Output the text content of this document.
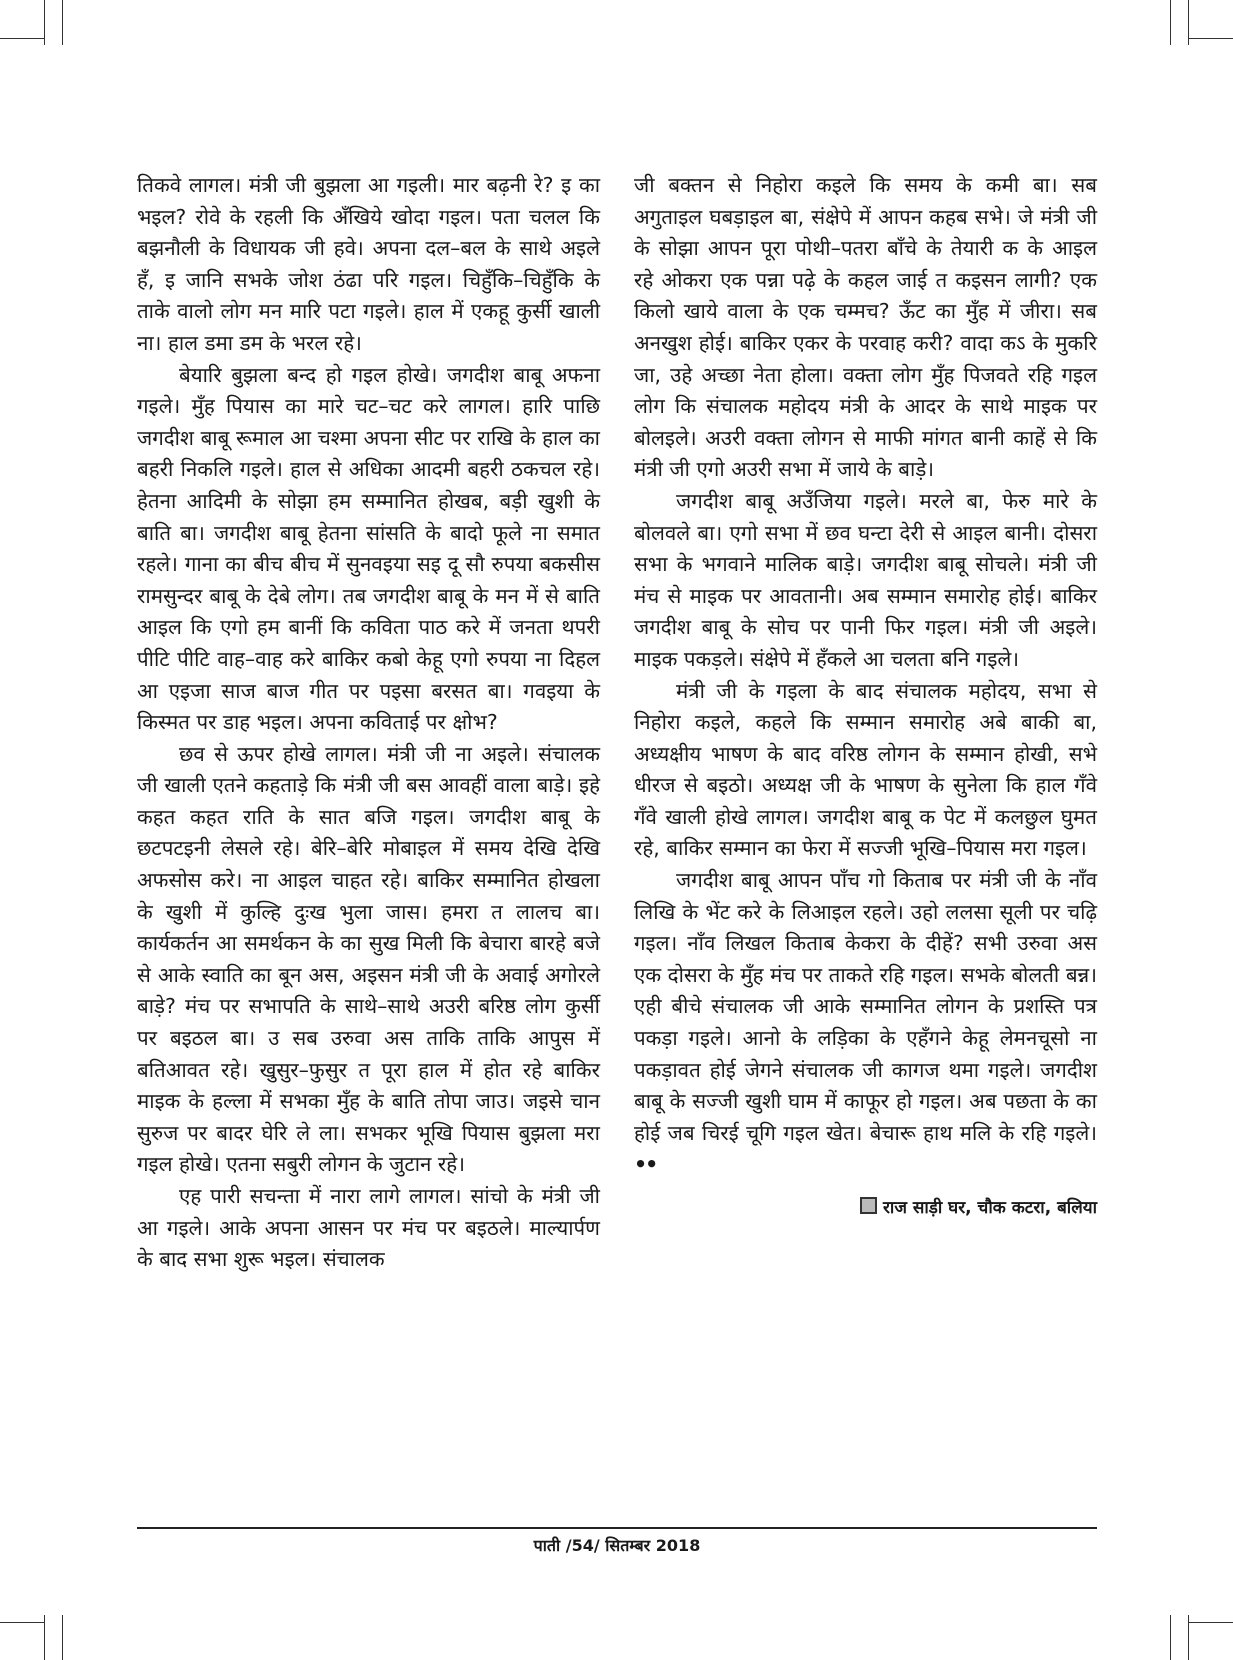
तिकवे लागल। मंत्री जी बुझला आ गइली। मार बढ़नी रे? इ का भइल? रोवे के रहली कि अँखिये खोदा गइल। पता चलल कि बझनौली के विधायक जी हवे। अपना दल–बल के साथे अइले हँ, इ जानि सभके जोश ठंढा परि गइल। चिहुँकि–चिहुँकि के ताके वालो लोग मन मारि पटा गइले। हाल में एकहू कुर्सी खाली ना। हाल डमा डम के भरल रहे।

बेयारि बुझला बन्द हो गइल होखे। जगदीश बाबू अफना गइले। मुँह पियास का मारे चट–चट करे लागल। हारि पाछि जगदीश बाबू रूमाल आ चश्मा अपना सीट पर राखि के हाल का बहरी निकलि गइले। हाल से अधिका आदमी बहरी ठकचल रहे। हेतना आदिमी के सोझा हम सम्मानित होखब, बड़ी खुशी के बाति बा। जगदीश बाबू हेतना सांसति के बादो फूले ना समात रहले। गाना का बीच बीच में सुनवइया सइ दू सौ रुपया बकसीस रामसुन्दर बाबू के देबे लोग। तब जगदीश बाबू के मन में से बाति आइल कि एगो हम बानीं कि कविता पाठ करे में जनता थपरी पीटि पीटि वाह–वाह करे बाकिर कबो केहू एगो रुपया ना दिहल आ एइजा साज बाज गीत पर पइसा बरसत बा। गवइया के किस्मत पर डाह भइल। अपना कविताई पर क्षोभ?

छव से ऊपर होखे लागल। मंत्री जी ना अइले। संचालक जी खाली एतने कहताड़े कि मंत्री जी बस आवहीं वाला बाड़े। इहे कहत कहत राति के सात बजि गइल। जगदीश बाबू के छटपटइनी लेसले रहे। बेरि–बेरि मोबाइल में समय देखि देखि अफसोस करे। ना आइल चाहत रहे। बाकिर सम्मानित होखला के खुशी में कुल्हि दुःख भुला जास। हमरा त लालच बा। कार्यकर्तन आ समर्थकन के का सुख मिली कि बेचारा बारहे बजे से आके स्वाति का बून अस, अइसन मंत्री जी के अवाई अगोरले बाड़े? मंच पर सभापति के साथे–साथे अउरी बरिष्ठ लोग कुर्सी पर बइठल बा। उ सब उरुवा अस ताकि ताकि आपुस में बतिआवत रहे। खुसुर–फुसुर त पूरा हाल में होत रहे बाकिर माइक के हल्ला में सभका मुँह के बाति तोपा जाउ। जइसे चान सुरुज पर बादर घेरि ले ला। सभकर भूखि पियास बुझला मरा गइल होखे। एतना सबुरी लोगन के जुटान रहे।

एह पारी सचन्ता में नारा लागे लागल। सांचो के मंत्री जी आ गइले। आके अपना आसन पर मंच पर बइठले। माल्यार्पण के बाद सभा शुरू भइल। संचालक

जी बक्तन से निहोरा कइले कि समय के कमी बा। सब अगुताइल घबड़ाइल बा, संक्षेपे में आपन कहब सभे। जे मंत्री जी के सोझा आपन पूरा पोथी–पतरा बाँचे के तेयारी क के आइल रहे ओकरा एक पन्ना पढ़े के कहल जाई त कइसन लागी? एक किलो खाये वाला के एक चम्मच? ऊँट का मुँह में जीरा। सब अनखुश होई। बाकिर एकर के परवाह करी? वादा कऽ के मुकरि जा, उहे अच्छा नेता होला। वक्ता लोग मुँह पिजवते रहि गइल लोग कि संचालक महोदय मंत्री के आदर के साथे माइक पर बोलइले। अउरी वक्ता लोगन से माफी मांगत बानी काहें से कि मंत्री जी एगो अउरी सभा में जाये के बाड़े।

जगदीश बाबू अउँजिया गइले। मरले बा, फेरु मारे के बोलवले बा। एगो सभा में छव घन्टा देरी से आइल बानी। दोसरा सभा के भगवाने मालिक बाड़े। जगदीश बाबू सोचले। मंत्री जी मंच से माइक पर आवतानी। अब सम्मान समारोह होई। बाकिर जगदीश बाबू के सोच पर पानी फिर गइल। मंत्री जी अइले। माइक पकड़ले। संक्षेपे में हँकले आ चलता बनि गइले।

मंत्री जी के गइला के बाद संचालक महोदय, सभा से निहोरा कइले, कहले कि सम्मान समारोह अबे बाकी बा, अध्यक्षीय भाषण के बाद वरिष्ठ लोगन के सम्मान होखी, सभे धीरज से बइठो। अध्यक्ष जी के भाषण के सुनेला कि हाल गँवे गँवे खाली होखे लागल। जगदीश बाबू क पेट में कलछुल घुमत रहे, बाकिर सम्मान का फेरा में सज्जी भूखि–पियास मरा गइल।

जगदीश बाबू आपन पाँच गो किताब पर मंत्री जी के नाँव लिखि के भेंट करे के लिआइल रहले। उहो ललसा सूली पर चढ़ि गइल। नाँव लिखल किताब केकरा के दीहें? सभी उरुवा अस एक दोसरा के मुँह मंच पर ताकते रहि गइल। सभके बोलती बन्न। एही बीचे संचालक जी आके सम्मानित लोगन के प्रशस्ति पत्र पकड़ा गइले। आनो के लड़िका के एहँगने केहू लेमनचूसो ना पकड़ावत होई जेगने संचालक जी कागज थमा गइले। जगदीश बाबू के सज्जी खुशी घाम में काफूर हो गइल। अब पछता के का होई जब चिरई चूगि गइल खेत। बेचारू हाथ मलि के रहि गइले। ••

राज साड़ी घर, चौक कटरा, बलिया
पाती /54/ सितम्बर 2018
